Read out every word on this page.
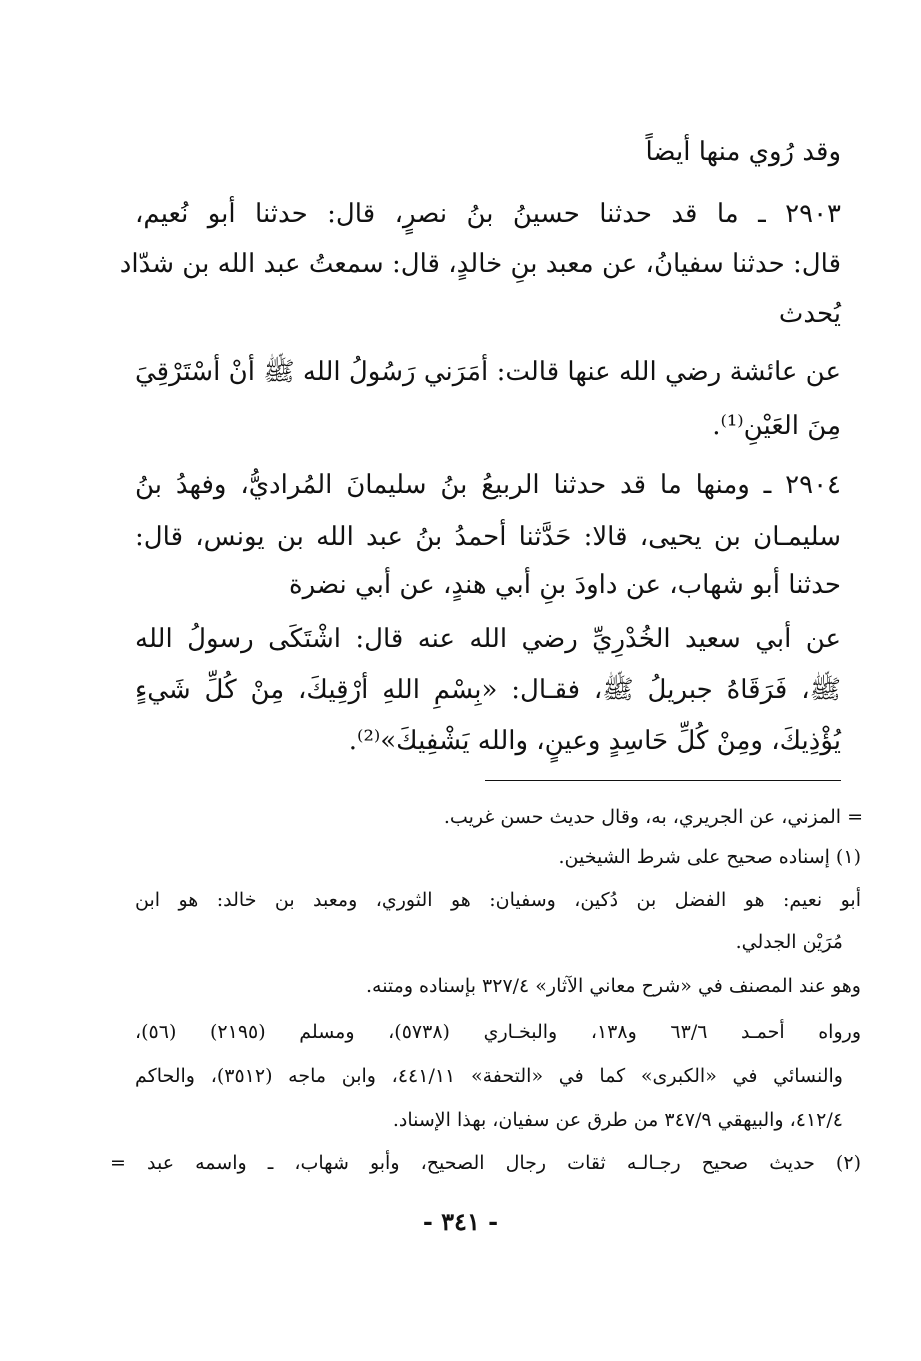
وقد رُوي منها أيضاً
٢٩٠٣ ـ ما قد حدثنا حسينُ بنُ نصرٍ، قال: حدثنا أبو نُعيم،
قال: حدثنا سفيانُ، عن معبد بنِ خالدٍ، قال: سمعتُ عبد الله بن شدّاد
يُحدث
عن عائشة رضي الله عنها قالت: أمَرَني رَسُولُ الله ﷺ أنْ أسْتَرْقِيَ
مِنَ العَيْنِ⁽¹⁾.
٢٩٠٤ ـ ومنها ما قد حدثنا الربيعُ بنُ سليمانَ المُراديُّ، وفهدُ بنُ
سليمـان بن يحيى، قالا: حَدَّثنا أحمدُ بنُ عبد الله بن يونس، قال:
حدثنا أبو شهاب، عن داودَ بنِ أبي هندٍ، عن أبي نضرة
عن أبي سعيد الخُدْرِيِّ رضي الله عنه قال: اشْتَكَى رسولُ الله
ﷺ، فَرَقَاهُ جبريلُ ﷺ، فقـال: «بِسْمِ اللهِ أرْقِيكَ، مِنْ كُلِّ شَيءٍ
يُؤْذِيكَ، ومِنْ كُلِّ حَاسِدٍ وعينٍ، والله يَشْفِيكَ»⁽²⁾.
= المزني، عن الجريري، به، وقال حديث حسن غريب.
(١) إسناده صحيح على شرط الشيخين.
أبو نعيم: هو الفضل بن دُكين، وسفيان: هو الثوري، ومعبد بن خالد: هو ابن
مُرَيْن الجدلي.
وهو عند المصنف في «شرح معاني الآثار» ٣٢٧/٤ بإسناده ومتنه.
ورواه أحمـد ٦٣/٦ و١٣٨، والبخـاري (٥٧٣٨)، ومسلم (٢١٩٥) (٥٦)،
والنسائي في «الكبرى» كما في «التحفة» ٤٤١/١١، وابن ماجه (٣٥١٢)، والحاكم
٤١٢/٤، والبيهقي ٣٤٧/٩ من طرق عن سفيان، بهذا الإسناد.
(٢) حديث صحيح رجـالـه ثقات رجال الصحيح، وأبو شهاب، ـ واسمه عبد =
- ٣٤١ -
